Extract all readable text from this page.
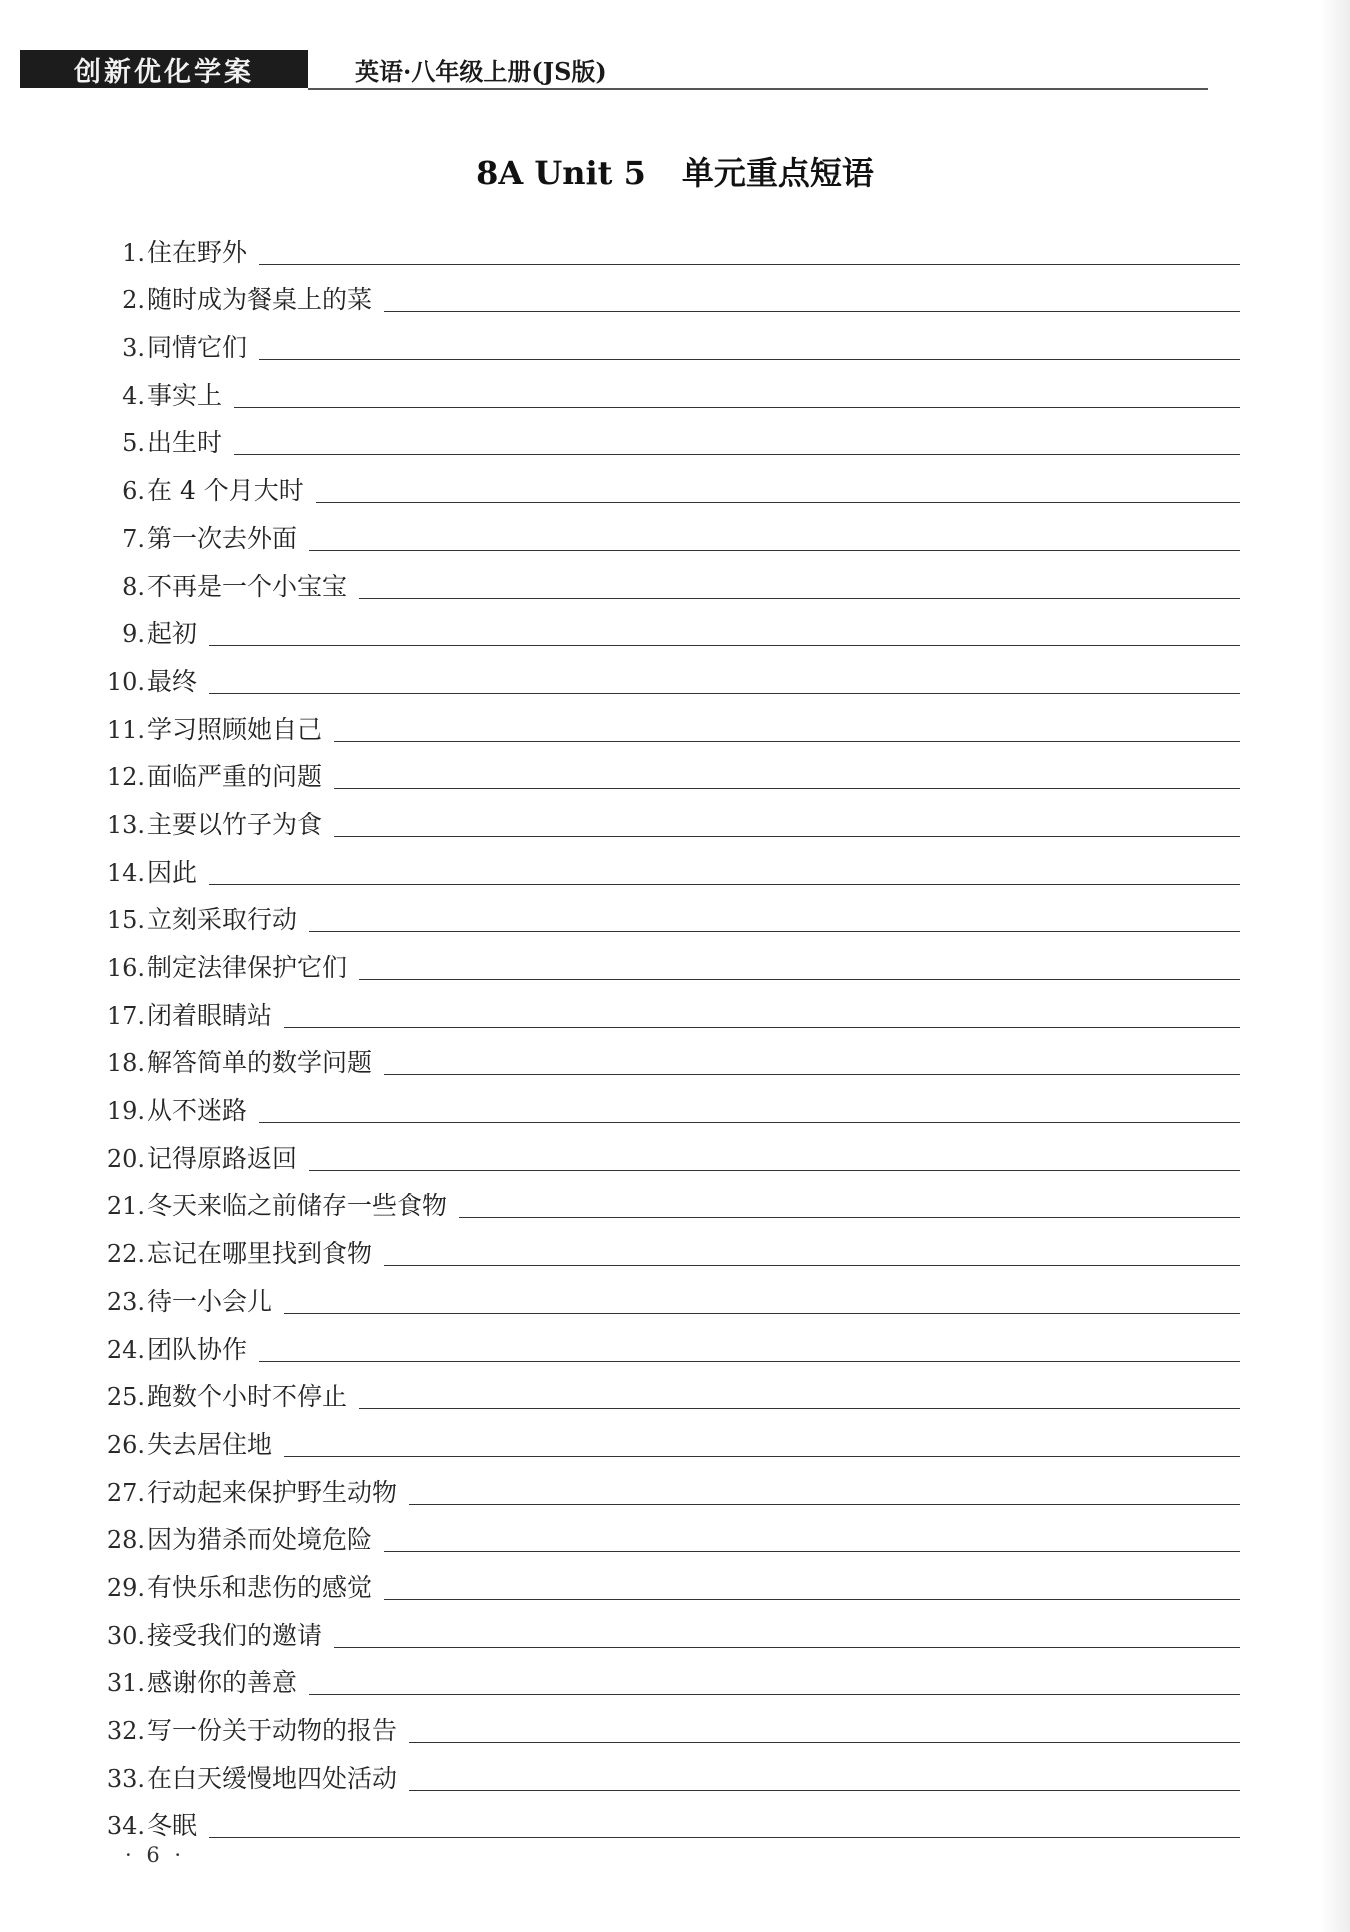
创新优化学案	英语·八年级上册(JS版)
8A Unit 5 单元重点短语
1. 住在野外
2. 随时成为餐桌上的菜
3. 同情它们
4. 事实上
5. 出生时
6. 在 4 个月大时
7. 第一次去外面
8. 不再是一个小宝宝
9. 起初
10. 最终
11. 学习照顾她自己
12. 面临严重的问题
13. 主要以竹子为食
14. 因此
15. 立刻采取行动
16. 制定法律保护它们
17. 闭着眼睛站
18. 解答简单的数学问题
19. 从不迷路
20. 记得原路返回
21. 冬天来临之前储存一些食物
22. 忘记在哪里找到食物
23. 待一小会儿
24. 团队协作
25. 跑数个小时不停止
26. 失去居住地
27. 行动起来保护野生动物
28. 因为猎杀而处境危险
29. 有快乐和悲伤的感觉
30. 接受我们的邀请
31. 感谢你的善意
32. 写一份关于动物的报告
33. 在白天缓慢地四处活动
34. 冬眠
· 6 ·
